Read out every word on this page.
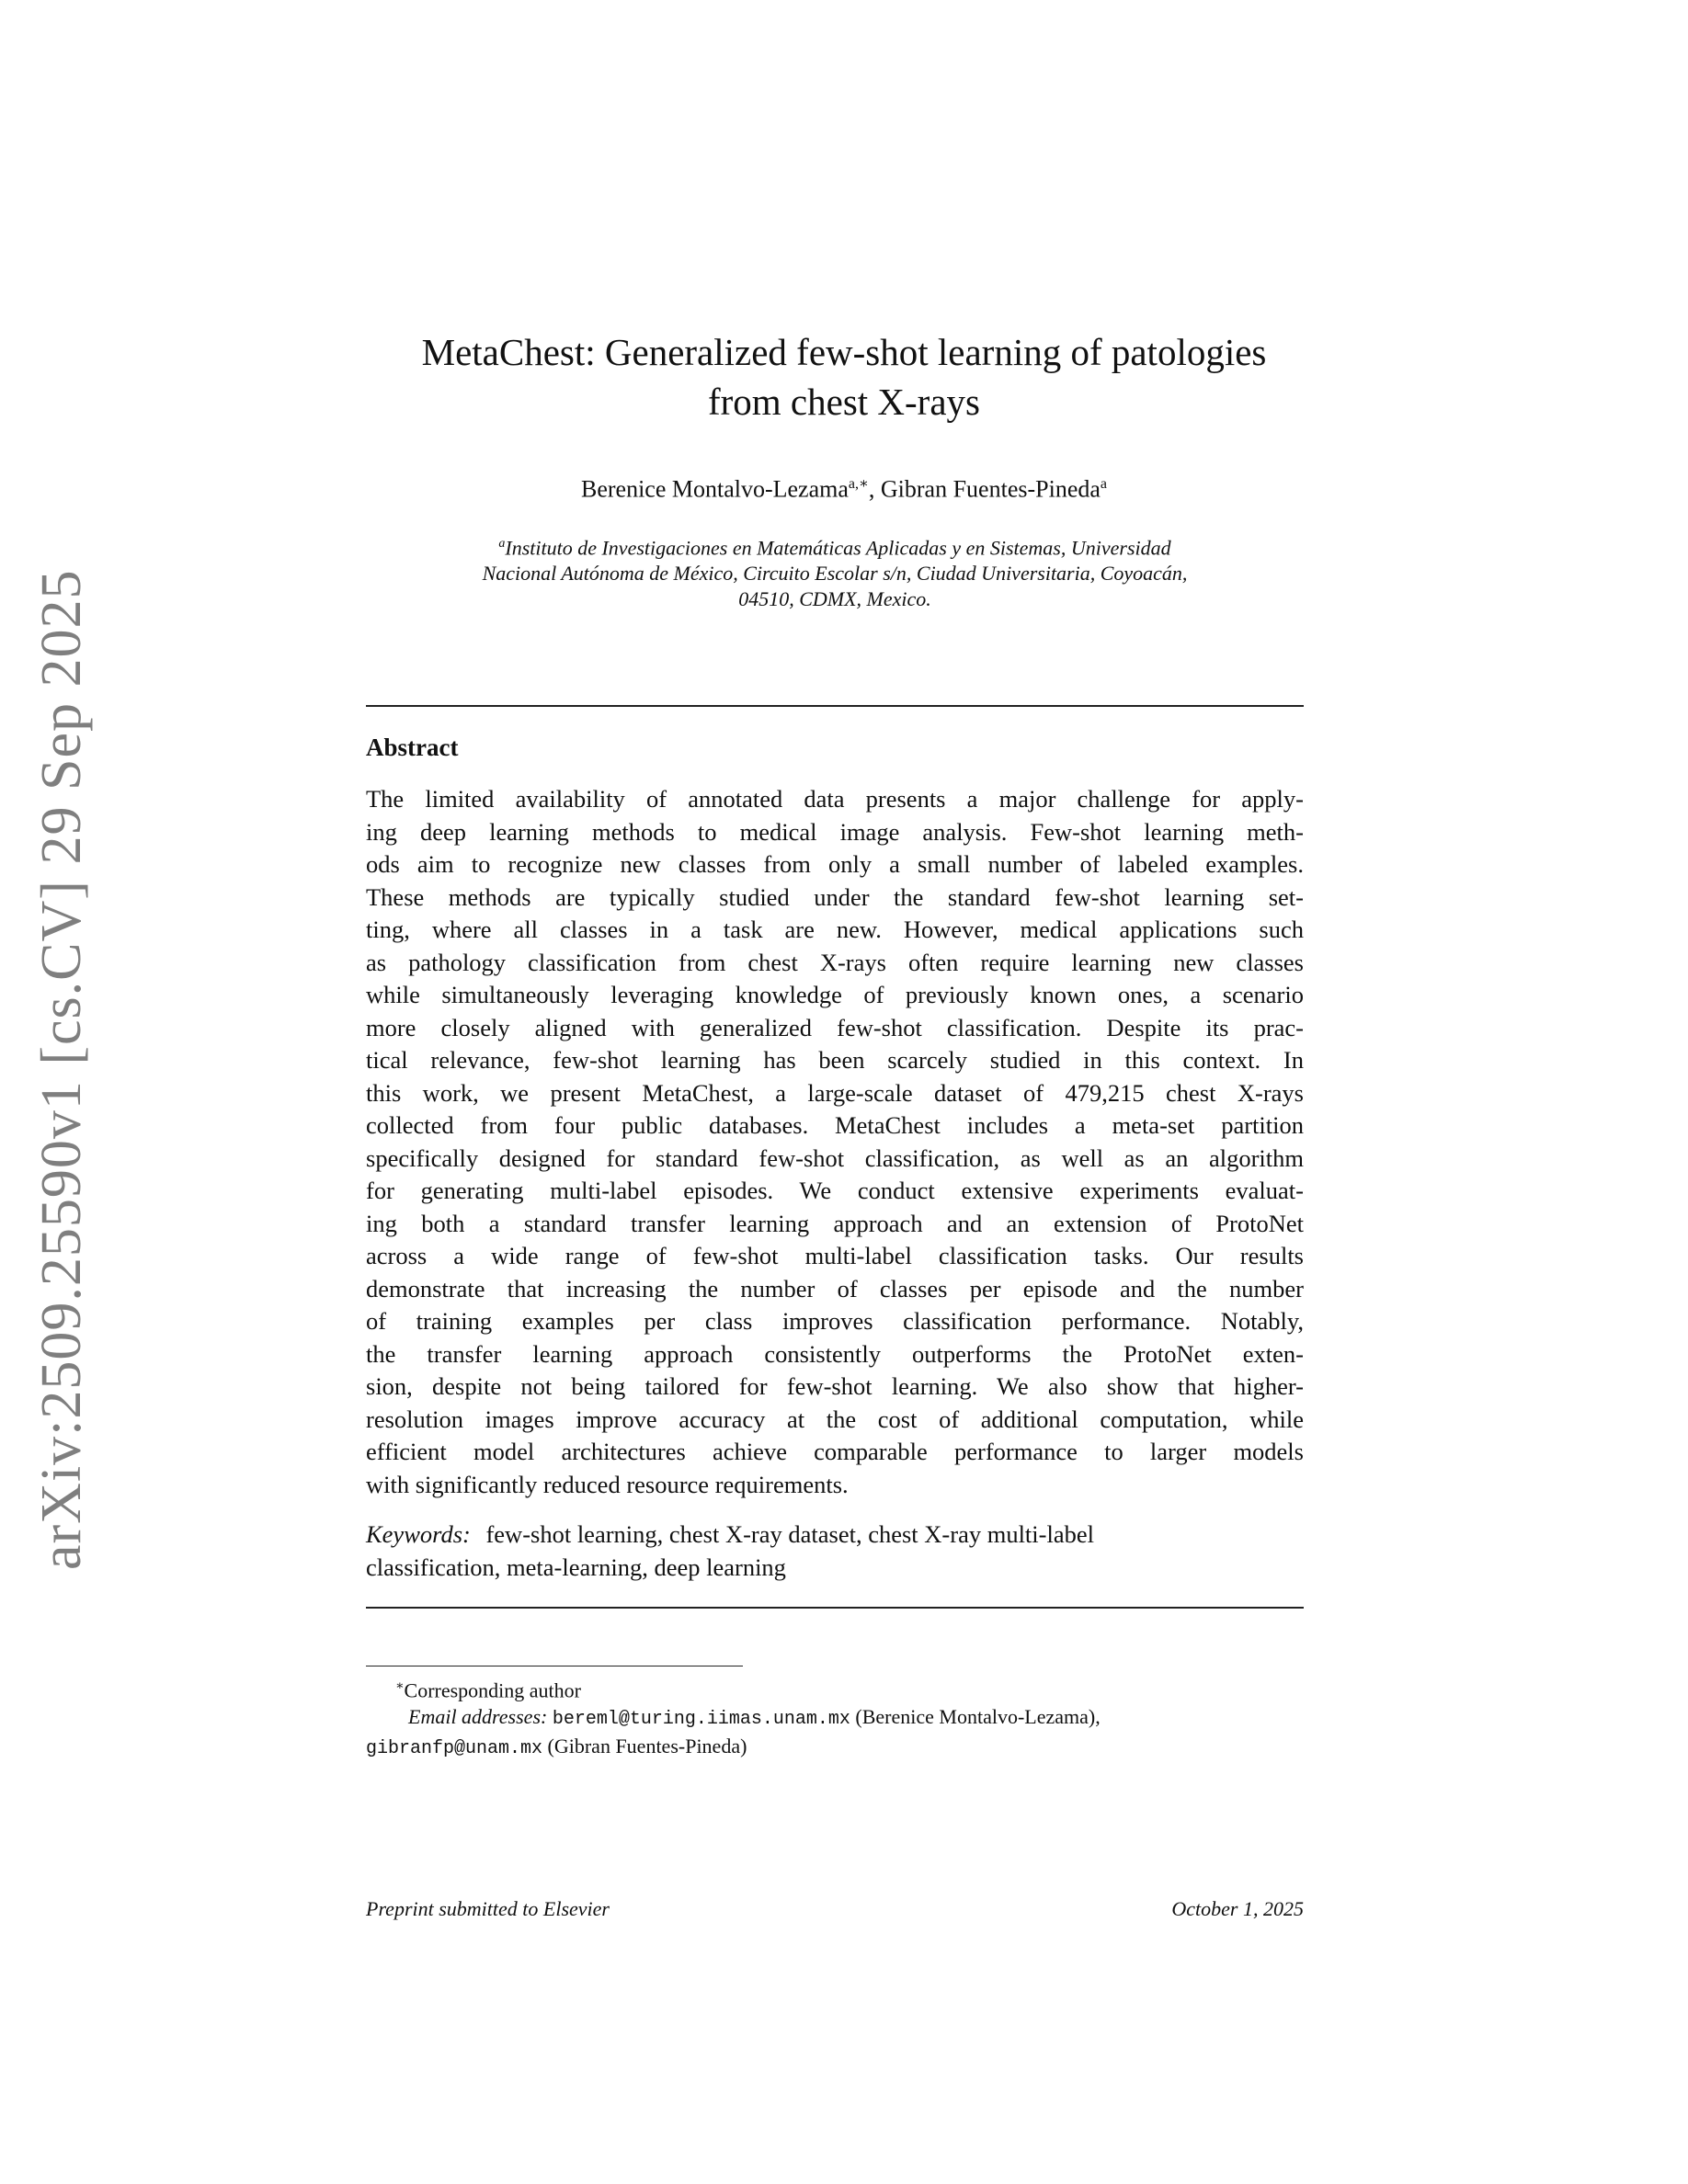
arXiv:2509.25590v1 [cs.CV] 29 Sep 2025
MetaChest: Generalized few-shot learning of patologies
from chest X-rays
Berenice Montalvo-Lezama$^{a,∗}$, Gibran Fuentes-Pineda$^a$
$^a$Instituto de Investigaciones en Matemáticas Aplicadas y en Sistemas, Universidad
Nacional Autónoma de México, Circuito Escolar s/n, Ciudad Universitaria, Coyoacán,
04510, CDMX, Mexico.
Abstract
The limited availability of annotated data presents a major challenge for apply-
ing deep learning methods to medical image analysis. Few-shot learning meth-
ods aim to recognize new classes from only a small number of labeled examples.
These methods are typically studied under the standard few-shot learning set-
ting, where all classes in a task are new. However, medical applications such
as pathology classification from chest X-rays often require learning new classes
while simultaneously leveraging knowledge of previously known ones, a scenario
more closely aligned with generalized few-shot classification. Despite its prac-
tical relevance, few-shot learning has been scarcely studied in this context. In
this work, we present MetaChest, a large-scale dataset of 479,215 chest X-rays
collected from four public databases. MetaChest includes a meta-set partition
specifically designed for standard few-shot classification, as well as an algorithm
for generating multi-label episodes. We conduct extensive experiments evaluat-
ing both a standard transfer learning approach and an extension of ProtoNet
across a wide range of few-shot multi-label classification tasks. Our results
demonstrate that increasing the number of classes per episode and the number
of training examples per class improves classification performance. Notably,
the transfer learning approach consistently outperforms the ProtoNet exten-
sion, despite not being tailored for few-shot learning. We also show that higher-
resolution images improve accuracy at the cost of additional computation, while
efficient model architectures achieve comparable performance to larger models
with significantly reduced resource requirements.
Keywords: few-shot learning, chest X-ray dataset, chest X-ray multi-label
classification, meta-learning, deep learning
∗Corresponding author
Email addresses: bereml@turing.iimas.unam.mx (Berenice Montalvo-Lezama),
gibranfp@unam.mx (Gibran Fuentes-Pineda)
Preprint submitted to Elsevier	October 1, 2025
